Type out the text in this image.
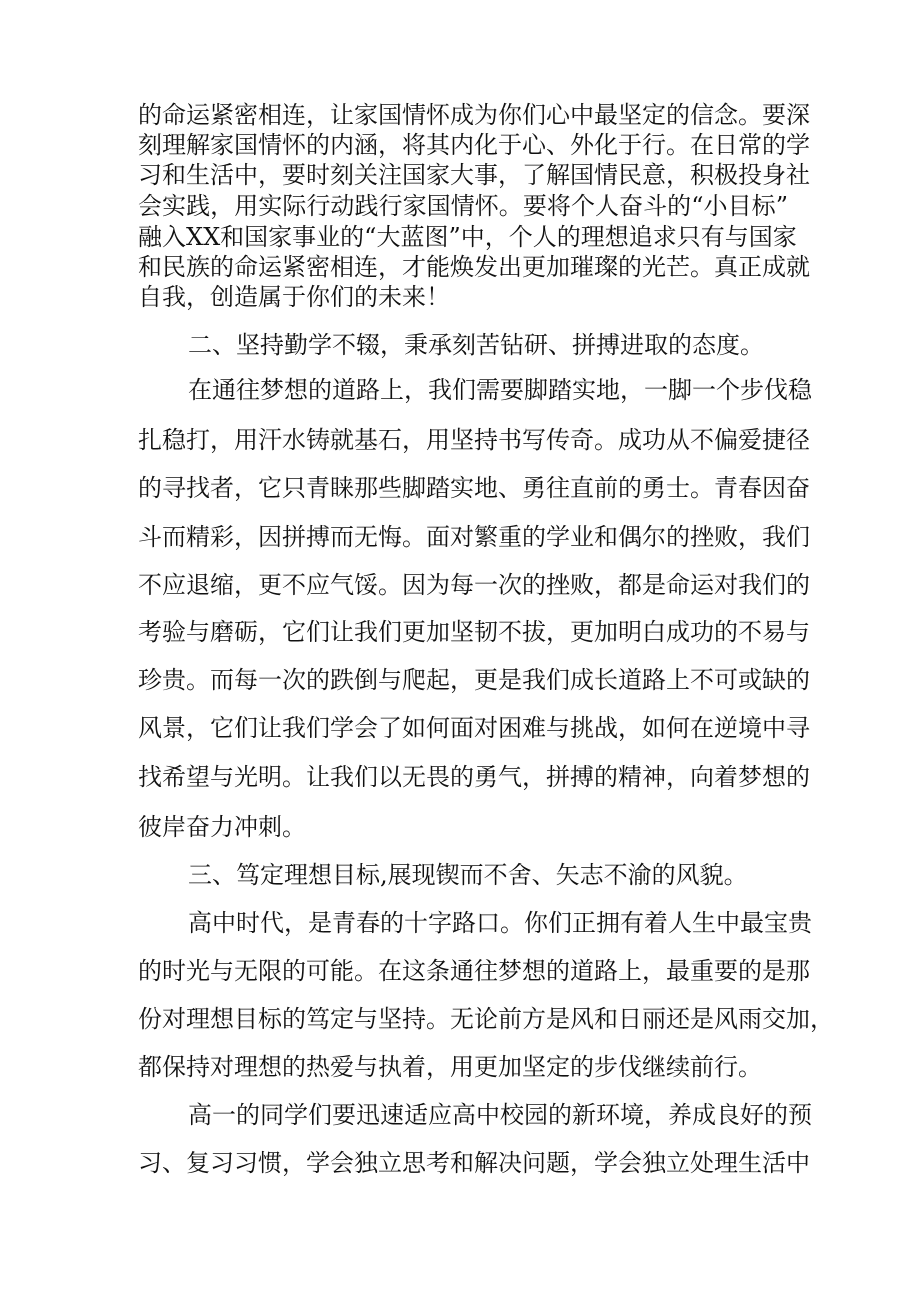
的命运紧密相连，让家国情怀成为你们心中最坚定的信念。要深
刻理解家国情怀的内涵，将其内化于心、外化于行。在日常的学
习和生活中，要时刻关注国家大事，了解国情民意，积极投身社
会实践，用实际行动践行家国情怀。要将个人奋斗的“小目标”
融入XX和国家事业的“大蓝图”中，个人的理想追求只有与国家
和民族的命运紧密相连，才能焕发出更加璀璨的光芒。真正成就
自我，创造属于你们的未来！
二、坚持勤学不辍，秉承刻苦钻研、拼搏进取的态度。
在通往梦想的道路上，我们需要脚踏实地，一脚一个步伐稳
扎稳打，用汗水铸就基石，用坚持书写传奇。成功从不偏爱捷径
的寻找者，它只青睐那些脚踏实地、勇往直前的勇士。青春因奋
斗而精彩，因拼搏而无悔。面对繁重的学业和偶尔的挫败，我们
不应退缩，更不应气馁。因为每一次的挫败，都是命运对我们的
考验与磨砺，它们让我们更加坚韧不拔，更加明白成功的不易与
珍贵。而每一次的跌倒与爬起，更是我们成长道路上不可或缺的
风景，它们让我们学会了如何面对困难与挑战，如何在逆境中寻
找希望与光明。让我们以无畏的勇气，拼搏的精神，向着梦想的
彼岸奋力冲刺。
三、笃定理想目标,展现锲而不舍、矢志不渝的风貌。
高中时代，是青春的十字路口。你们正拥有着人生中最宝贵
的时光与无限的可能。在这条通往梦想的道路上，最重要的是那
份对理想目标的笃定与坚持。无论前方是风和日丽还是风雨交加，
都保持对理想的热爱与执着，用更加坚定的步伐继续前行。
高一的同学们要迅速适应高中校园的新环境，养成良好的预
习、复习习惯，学会独立思考和解决问题，学会独立处理生活中
